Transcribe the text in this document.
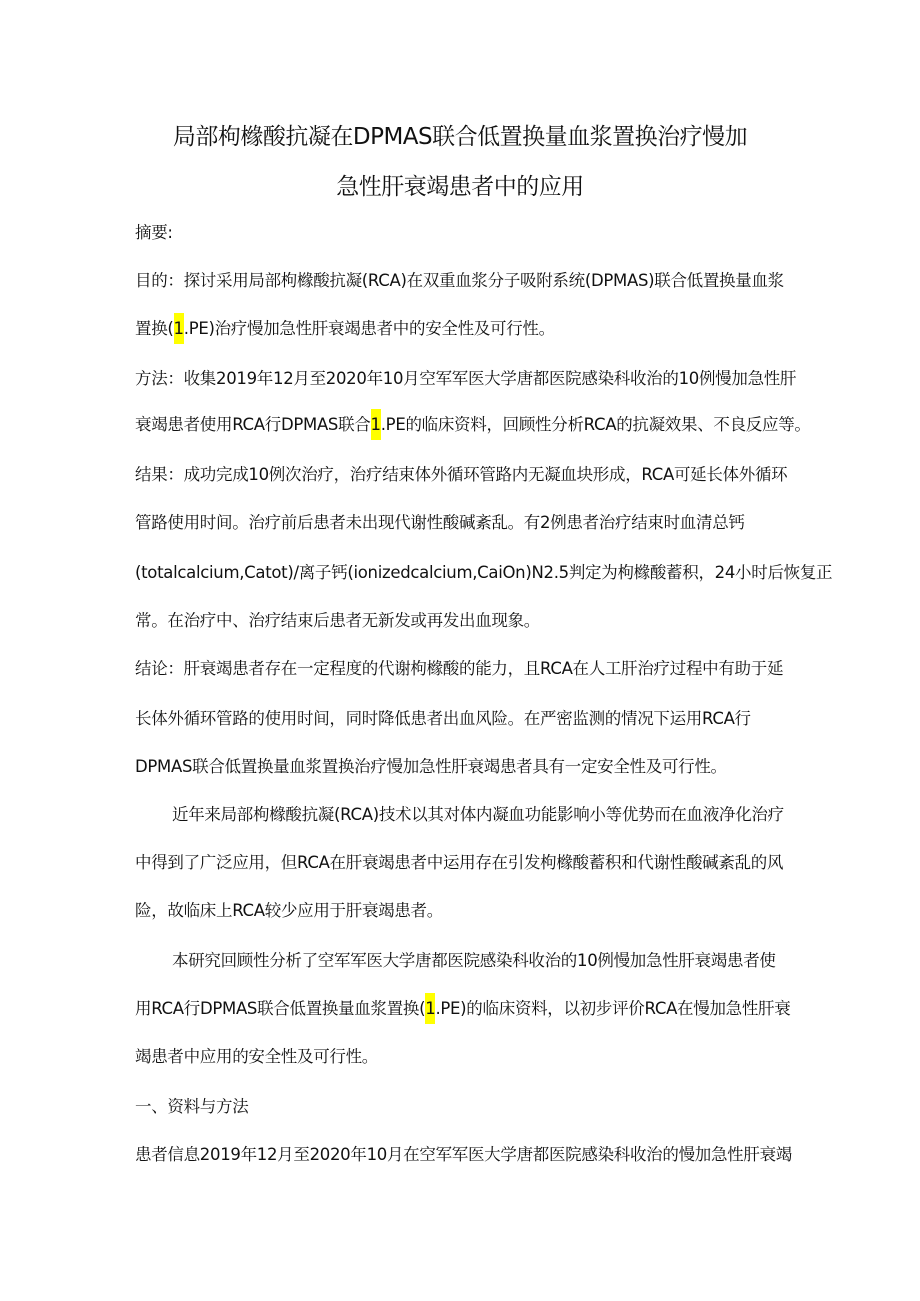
局部枸橼酸抗凝在DPMAS联合低置换量血浆置换治疗慢加
急性肝衰竭患者中的应用
摘要:
目的：探讨采用局部枸橼酸抗凝(RCA)在双重血浆分子吸附系统(DPMAS)联合低置换量血浆
置换(1.PE)治疗慢加急性肝衰竭患者中的安全性及可行性。
方法：收集2019年12月至2020年10月空军军医大学唐都医院感染科收治的10例慢加急性肝
衰竭患者使用RCA行DPMAS联合1.PE的临床资料，回顾性分析RCA的抗凝效果、不良反应等。
结果：成功完成10例次治疗，治疗结束体外循环管路内无凝血块形成，RCA可延长体外循环
管路使用时间。治疗前后患者未出现代谢性酸碱紊乱。有2例患者治疗结束时血清总钙
(totalcalcium,Catot)/离子钙(ionizedcalcium,CaiOn)N2.5判定为枸橼酸蓄积，24小时后恢复正
常。在治疗中、治疗结束后患者无新发或再发出血现象。
结论：肝衰竭患者存在一定程度的代谢枸橼酸的能力，且RCA在人工肝治疗过程中有助于延
长体外循环管路的使用时间，同时降低患者出血风险。在严密监测的情况下运用RCA行
DPMAS联合低置换量血浆置换治疗慢加急性肝衰竭患者具有一定安全性及可行性。
近年来局部枸橼酸抗凝(RCA)技术以其对体内凝血功能影响小等优势而在血液净化治疗
中得到了广泛应用，但RCA在肝衰竭患者中运用存在引发枸橼酸蓄积和代谢性酸碱紊乱的风
险，故临床上RCA较少应用于肝衰竭患者。
本研究回顾性分析了空军军医大学唐都医院感染科收治的10例慢加急性肝衰竭患者使
用RCA行DPMAS联合低置换量血浆置换(1.PE)的临床资料，以初步评价RCA在慢加急性肝衰
竭患者中应用的安全性及可行性。
一、资料与方法
患者信息2019年12月至2020年10月在空军军医大学唐都医院感染科收治的慢加急性肝衰竭
